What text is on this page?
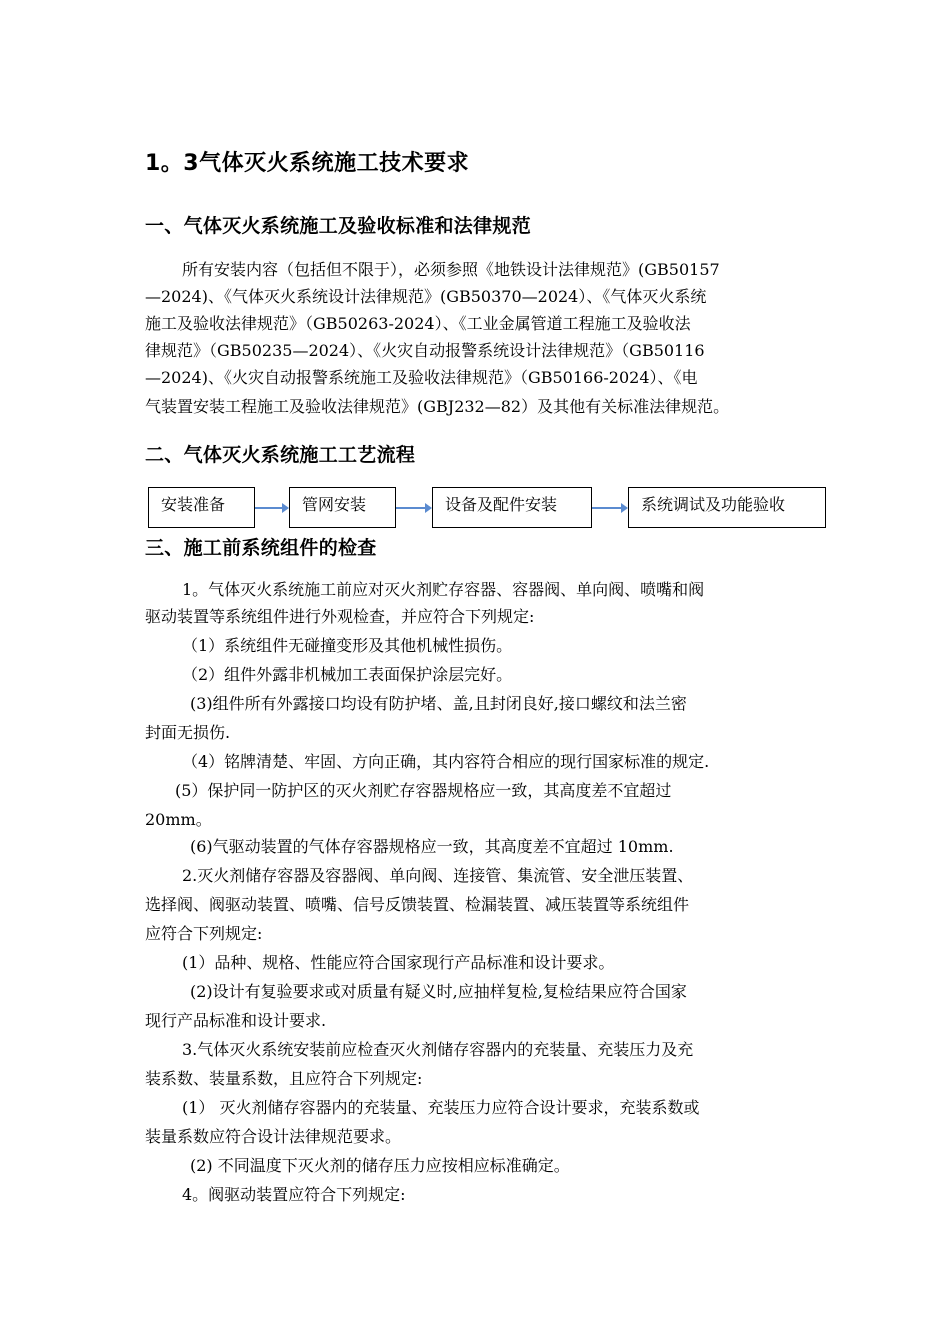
1。3气体灭火系统施工技术要求
一、气体灭火系统施工及验收标准和法律规范
所有安装内容（包括但不限于），必须参照《地铁设计法律规范》(GB50157
—2024)、《气体灭火系统设计法律规范》(GB50370—2024）、《气体灭火系统
施工及验收法律规范》（GB50263-2024）、《工业金属管道工程施工及验收法
律规范》（GB50235—2024）、《火灾自动报警系统设计法律规范》（GB50116
—2024)、《火灾自动报警系统施工及验收法律规范》（GB50166-2024）、《电
气装置安装工程施工及验收法律规范》(GBJ232—82）及其他有关标准法律规范。
二、气体灭火系统施工工艺流程
安装准备	管网安装	设备及配件安装	系统调试及功能验收
三、施工前系统组件的检查
1。气体灭火系统施工前应对灭火剂贮存容器、容器阀、单向阀、喷嘴和阀
驱动装置等系统组件进行外观检查，并应符合下列规定:
（1）系统组件无碰撞变形及其他机械性损伤。
（2）组件外露非机械加工表面保护涂层完好。
(3)组件所有外露接口均设有防护堵、盖,且封闭良好,接口螺纹和法兰密
封面无损伤.
（4）铭牌清楚、牢固、方向正确，其内容符合相应的现行国家标准的规定.
(5）保护同一防护区的灭火剂贮存容器规格应一致，其高度差不宜超过
20mm。
(6)气驱动装置的气体存容器规格应一致，其高度差不宜超过 10mm.
2.灭火剂储存容器及容器阀、单向阀、连接管、集流管、安全泄压装置、
选择阀、阀驱动装置、喷嘴、信号反馈装置、检漏装置、减压装置等系统组件
应符合下列规定:
(1）品种、规格、性能应符合国家现行产品标准和设计要求。
(2)设计有复验要求或对质量有疑义时,应抽样复检,复检结果应符合国家
现行产品标准和设计要求.
3.气体灭火系统安装前应检查灭火剂储存容器内的充装量、充装压力及充
装系数、装量系数，且应符合下列规定:
(1） 灭火剂储存容器内的充装量、充装压力应符合设计要求，充装系数或
装量系数应符合设计法律规范要求。
(2) 不同温度下灭火剂的储存压力应按相应标准确定。
4。阀驱动装置应符合下列规定:
